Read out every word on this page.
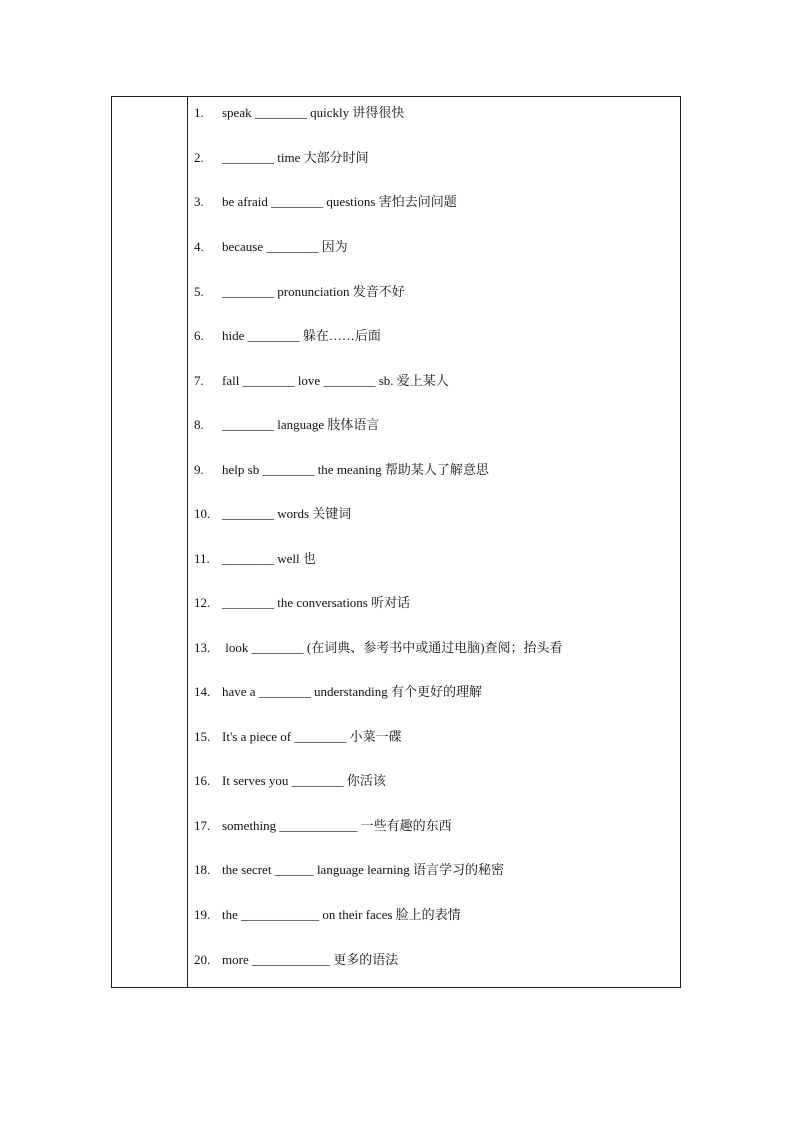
1. speak ________ quickly 讲得很快
2. ________ time 大部分时间
3. be afraid ________ questions 害怕去问问题
4. because ________ 因为
5. ________ pronunciation 发音不好
6. hide ________ 躲在……后面
7. fall ________ love ________ sb. 爱上某人
8. ________ language 肢体语言
9. help sb ________ the meaning 帮助某人了解意思
10. ________ words 关键词
11. ________ well 也
12. ________ the conversations 听对话
13. look ________ (在词典、参考书中或通过电脑)查阅；抬头看
14. have a ________ understanding 有个更好的理解
15. It's a piece of ________ 小菜一碟
16. It serves you ________ 你活该
17. something ____________ 一些有趣的东西
18. the secret ______ language learning 语言学习的秘密
19. the ____________ on their faces 脸上的表情
20. more ____________ 更多的语法
